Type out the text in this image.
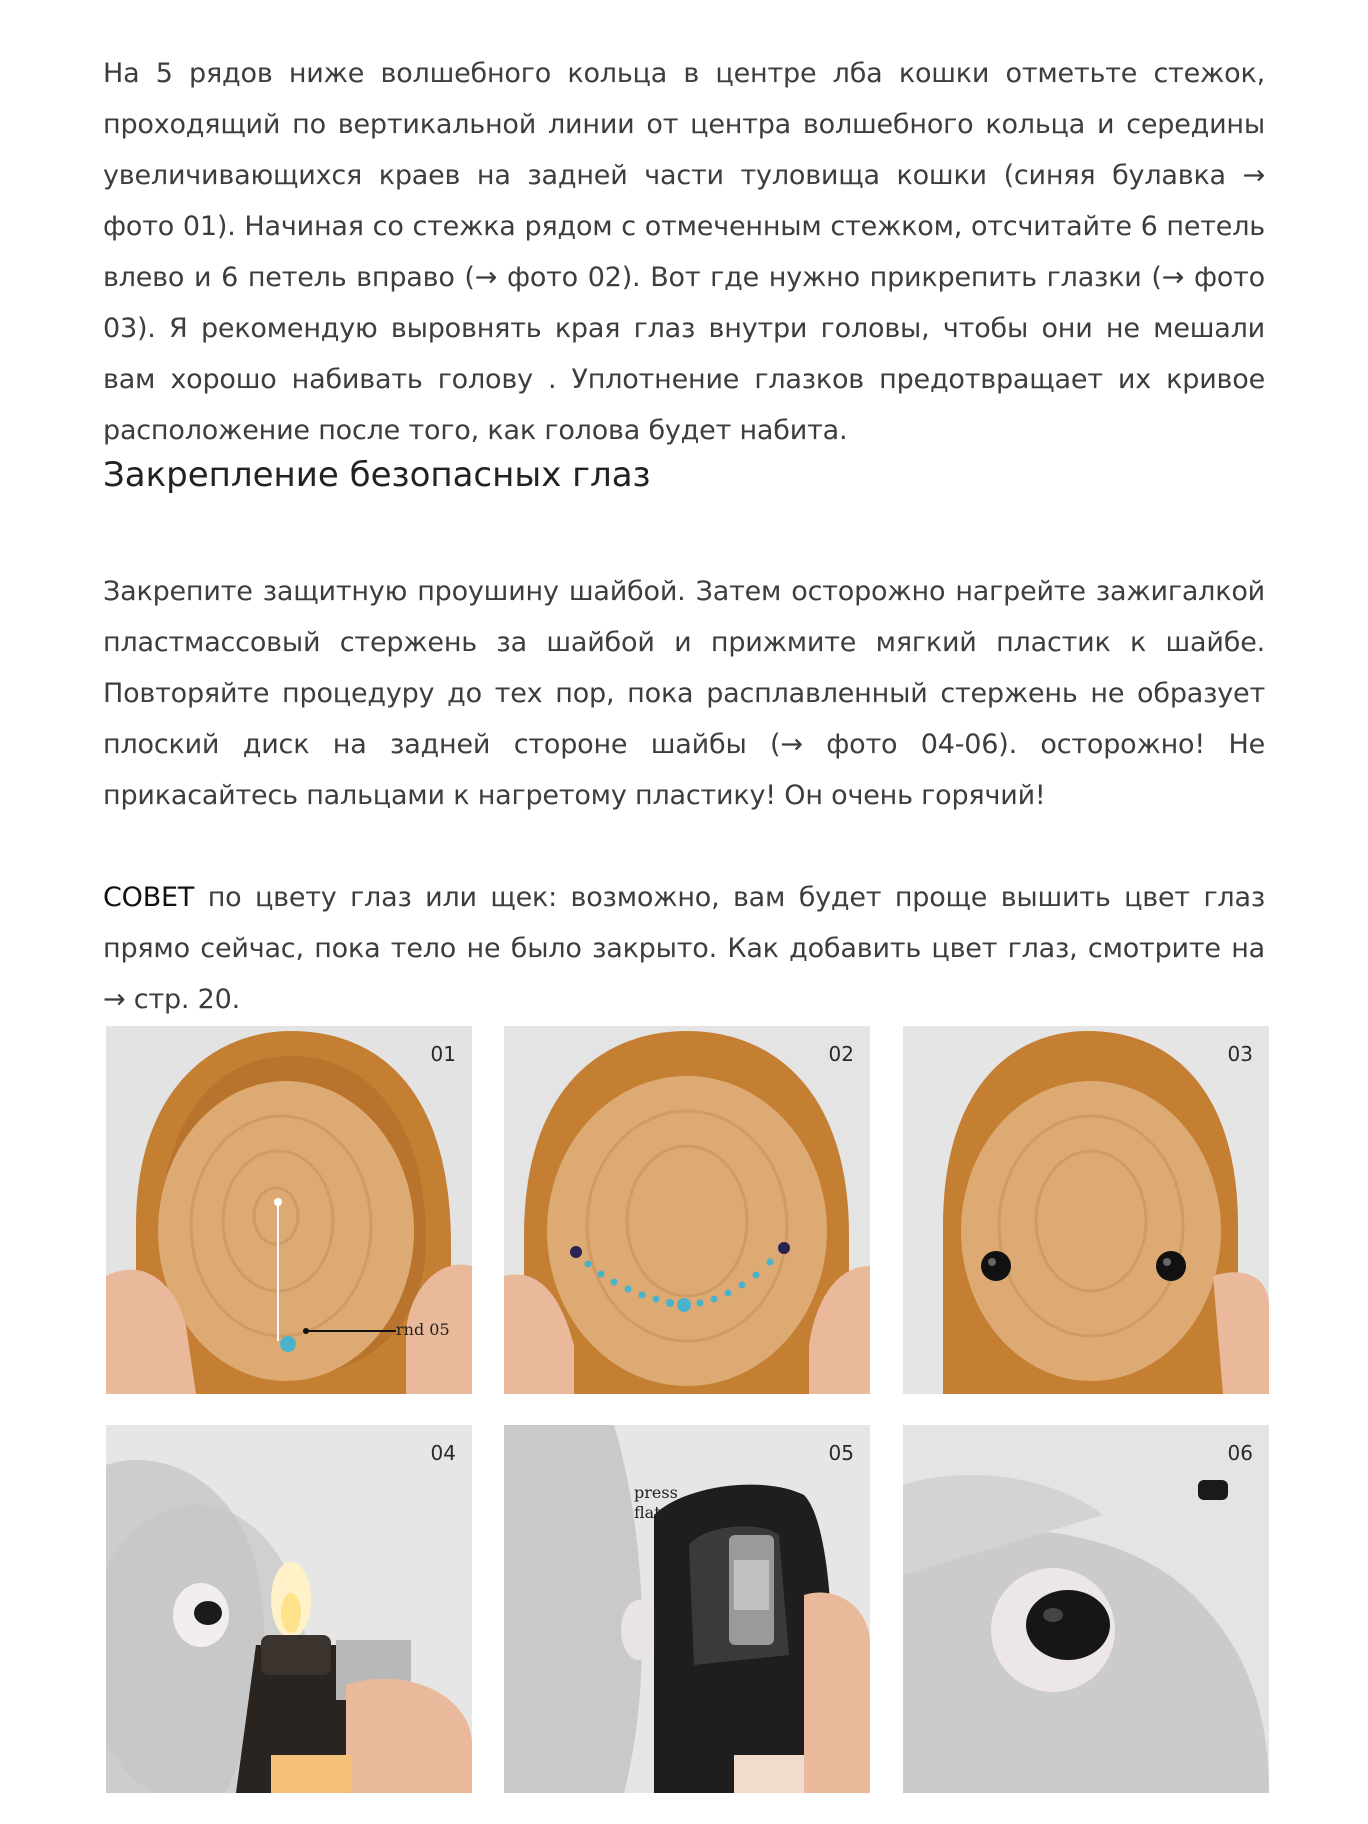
На 5 рядов ниже волшебного кольца в центре лба кошки отметьте стежок, проходящий по вертикальной линии от центра волшебного кольца и середины увеличивающихся краев на задней части туловища кошки (синяя булавка → фото 01). Начиная со стежка рядом с отмеченным стежком, отсчитайте 6 петель влево и 6 петель вправо (→ фото 02). Вот где нужно прикрепить глазки (→ фото 03). Я рекомендую выровнять края глаз внутри головы, чтобы они не мешали вам хорошо набивать голову . Уплотнение глазков предотвращает их кривое расположение после того, как голова будет набита.

Закрепление безопасных глаз

Закрепите защитную проушину шайбой. Затем осторожно нагрейте зажигалкой пластмассовый стержень за шайбой и прижмите мягкий пластик к шайбе. Повторяйте процедуру до тех пор, пока расплавленный стержень не образует плоский диск на задней стороне шайбы (→ фото 04-06). осторожно! Не прикасайтесь пальцами к нагретому пластику! Он очень горячий!

СОВЕТ по цвету глаз или щек: возможно, вам будет проще вышить цвет глаз прямо сейчас, пока тело не было закрыто. Как добавить цвет глаз, смотрите на → стр. 20.

01
rnd 05
02	03
04	05
press flat
06
